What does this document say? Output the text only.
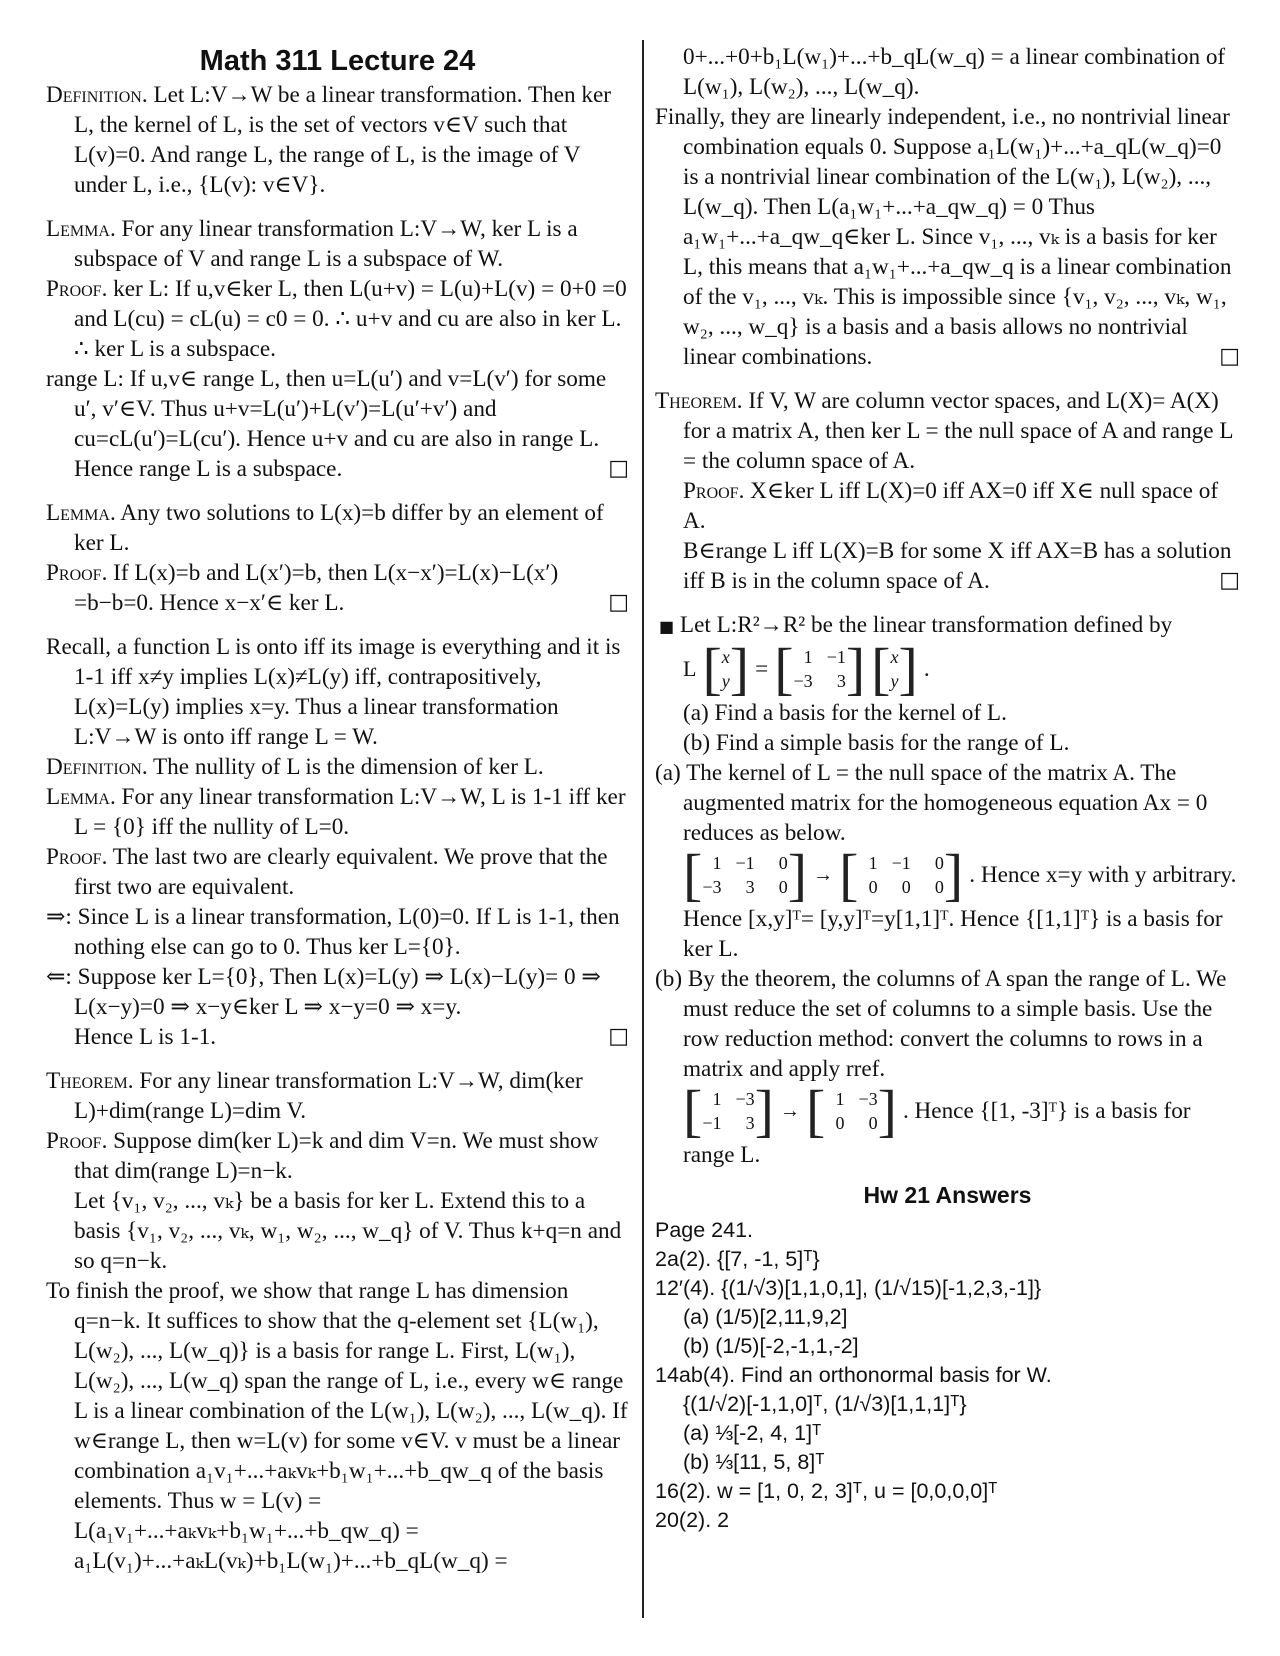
Math 311 Lecture 24
Definition. Let L:V→W be a linear transformation. Then ker L, the kernel of L, is the set of vectors v∈V such that L(v)=0. And range L, the range of L, is the image of V under L, i.e., {L(v): v∈V}.
Lemma. For any linear transformation L:V→W, ker L is a subspace of V and range L is a subspace of W.
Proof. ker L: If u,v∈ker L, then L(u+v) = L(u)+L(v) = 0+0 =0 and L(cu) = cL(u) = c0 = 0. ∴ u+v and cu are also in ker L. ∴ ker L is a subspace.
range L: If u,v∈ range L, then u=L(u′) and v=L(v′) for some u′, v′∈V. Thus u+v=L(u′)+L(v′)=L(u′+v′) and cu=cL(u′)=L(cu′). Hence u+v and cu are also in range L. Hence range L is a subspace.	□
Lemma. Any two solutions to L(x)=b differ by an element of ker L.
Proof. If L(x)=b and L(x′)=b, then L(x−x′)=L(x)−L(x′) =b−b=0. Hence x−x′∈ ker L.	□
Recall, a function L is onto iff its image is everything and it is 1-1 iff x≠y implies L(x)≠L(y) iff, contrapositively, L(x)=L(y) implies x=y. Thus a linear transformation L:V→W is onto iff range L = W.
Definition. The nullity of L is the dimension of ker L.
Lemma. For any linear transformation L:V→W, L is 1-1 iff ker L = {0} iff the nullity of L=0.
Proof. The last two are clearly equivalent. We prove that the first two are equivalent.
⇒: Since L is a linear transformation, L(0)=0. If L is 1-1, then nothing else can go to 0. Thus ker L={0}.
⇐: Suppose ker L={0}, Then L(x)=L(y) ⇒ L(x)−L(y)= 0 ⇒ L(x−y)=0 ⇒ x−y∈ker L ⇒ x−y=0 ⇒ x=y.
Hence L is 1-1.	□
Theorem. For any linear transformation L:V→W, dim(ker L)+dim(range L)=dim V.
Proof. Suppose dim(ker L)=k and dim V=n. We must show that dim(range L)=n−k.
Let {v₁, v₂, ..., vₖ} be a basis for ker L. Extend this to a basis {v₁, v₂, ..., vₖ, w₁, w₂, ..., w_q} of V. Thus k+q=n and so q=n−k.
To finish the proof, we show that range L has dimension q=n−k. It suffices to show that the q-element set {L(w₁), L(w₂), ..., L(w_q)} is a basis for range L. First, L(w₁), L(w₂), ..., L(w_q) span the range of L, i.e., every w∈ range L is a linear combination of the L(w₁), L(w₂), ..., L(w_q). If w∈range L, then w=L(v) for some v∈V. v must be a linear combination a₁v₁+...+aₖvₖ+b₁w₁+...+b_qw_q of the basis elements. Thus w = L(v) = L(a₁v₁+...+aₖvₖ+b₁w₁+...+b_qw_q) = a₁L(v₁)+...+aₖL(vₖ)+b₁L(w₁)+...+b_qL(w_q) =
0+...+0+b₁L(w₁)+...+b_qL(w_q) = a linear combination of L(w₁), L(w₂), ..., L(w_q).
Finally, they are linearly independent, i.e., no nontrivial linear combination equals 0. Suppose a₁L(w₁)+...+a_qL(w_q)=0 is a nontrivial linear combination of the L(w₁), L(w₂), ..., L(w_q). Then L(a₁w₁+...+a_qw_q) = 0 Thus a₁w₁+...+a_qw_q∈ker L. Since v₁, ..., vₖ is a basis for ker L, this means that a₁w₁+...+a_qw_q is a linear combination of the v₁, ..., vₖ. This is impossible since {v₁, v₂, ..., vₖ, w₁, w₂, ..., w_q} is a basis and a basis allows no nontrivial linear combinations.	□
Theorem. If V, W are column vector spaces, and L(X)= A(X) for a matrix A, then ker L = the null space of A and range L = the column space of A.
Proof. X∈ker L iff L(X)=0 iff AX=0 iff X∈ null space of A.
B∈range L iff L(X)=B for some X iff AX=B has a solution iff B is in the column space of A.	□
■ Let L:R²→R² be the linear transformation defined by
L [ x
y ] = [ 1 −1
−3	3 ] [ x
y ] .
(a) Find a basis for the kernel of L.
(b) Find a simple basis for the range of L.
(a) The kernel of L = the null space of the matrix A. The augmented matrix for the homogeneous equation Ax = 0 reduces as below.
[ 1 −1	0
−3	3	0 ] → [ 1 −1	0
0	0	0 ] . Hence x=y with y arbitrary.
Hence [x,y]ᵀ= [y,y]ᵀ=y[1,1]ᵀ. Hence {[1,1]ᵀ} is a basis for ker L.
(b) By the theorem, the columns of A span the range of L. We must reduce the set of columns to a simple basis. Use the row reduction method: convert the columns to rows in a matrix and apply rref.
[ 1 −3
−1	3 ] → [ 1 −3
0	0 ] . Hence {[1, -3]ᵀ} is a basis for
range L.
Hw 21 Answers
Page 241.
2a(2). {[7, -1, 5]ᵀ}
12′(4). {(1/√3)[1,1,0,1], (1/√15)[-1,2,3,-1]}
(a) (1/5)[2,11,9,2]
(b) (1/5)[-2,-1,1,-2]
14ab(4). Find an orthonormal basis for W.
{(1/√2)[-1,1,0]ᵀ, (1/√3)[1,1,1]ᵀ}
(a) ⅓[-2, 4, 1]ᵀ
(b) ⅓[11, 5, 8]ᵀ
16(2). w = [1, 0, 2, 3]ᵀ, u = [0,0,0,0]ᵀ
20(2). 2
